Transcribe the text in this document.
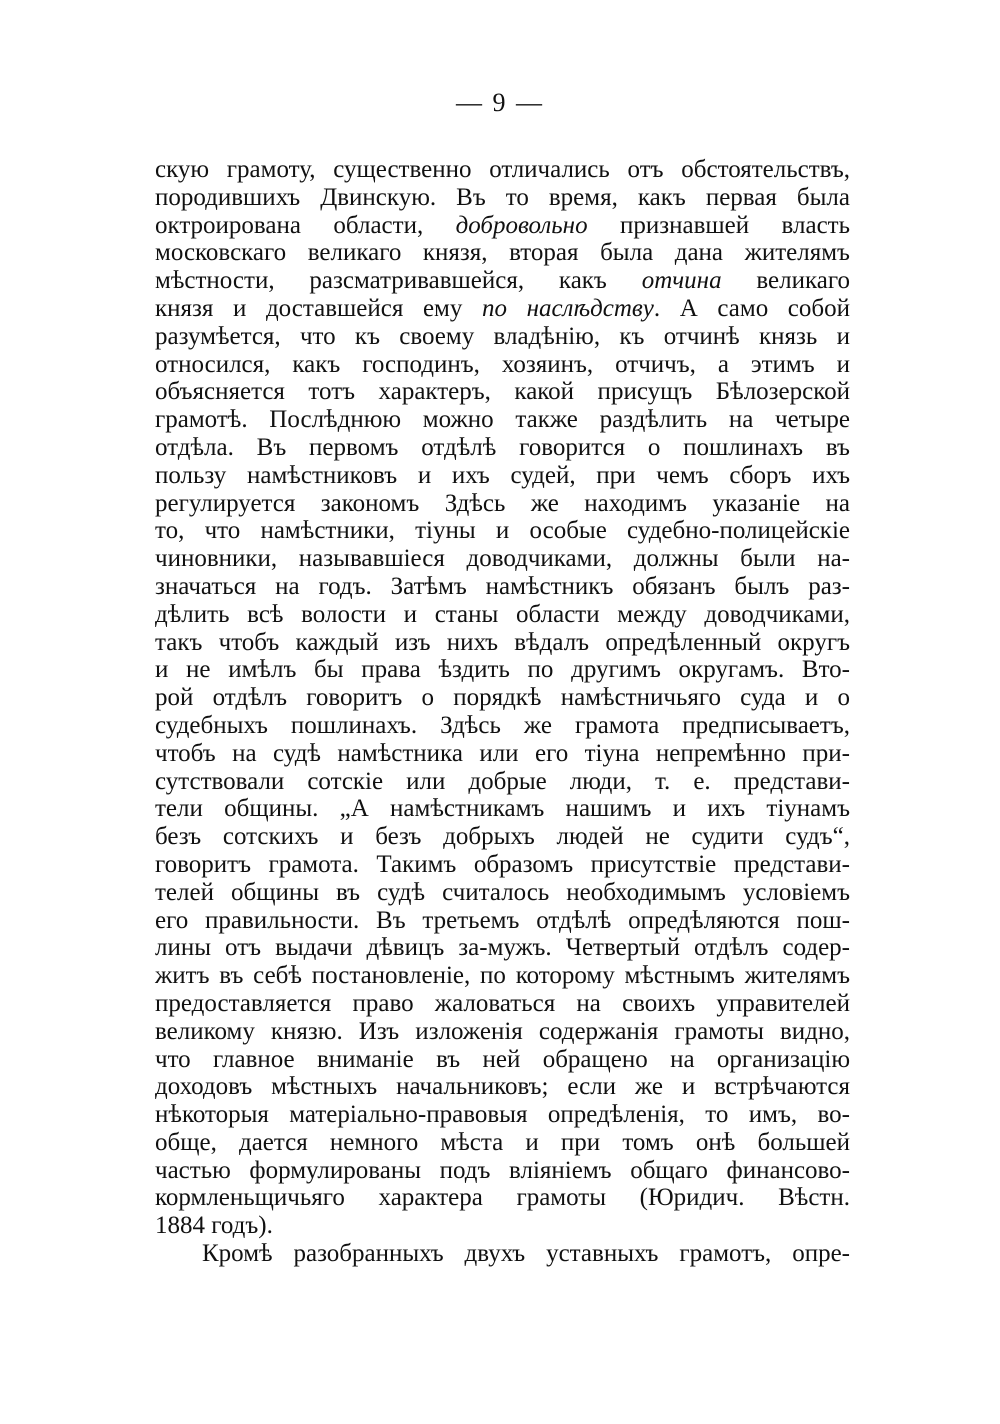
— 9 —
скую грамоту, существенно отличались отъ обстоятельствъ,
породившихъ Двинскую. Въ то время, какъ первая была
октроирована области, добровольно признавшей власть
московскаго великаго князя, вторая была дана жителямъ
мѣстности, разсматривавшейся, какъ отчина великаго
князя и доставшейся ему по наслѣдству. А само собой
разумѣется, что къ своему владѣнію, къ отчинѣ князь и
относился, какъ господинъ, хозяинъ, отчичъ, а этимъ и
объясняется тотъ характеръ, какой присущъ Бѣлозерской
грамотѣ. Послѣднюю можно также раздѣлить на четыре
отдѣла. Въ первомъ отдѣлѣ говорится о пошлинахъ въ
пользу намѣстниковъ и ихъ судей, при чемъ сборъ ихъ
регулируется закономъ Здѣсь же находимъ указаніе на
то, что намѣстники, тіуны и особые судебно-полицейскіе
чиновники, называвшіеся доводчиками, должны были на-
значаться на годъ. Затѣмъ намѣстникъ обязанъ былъ раз-
дѣлить всѣ волости и станы области между доводчиками,
такъ чтобъ каждый изъ нихъ вѣдалъ опредѣленный округъ
и не имѣлъ бы права ѣздить по другимъ округамъ. Вто-
рой отдѣлъ говоритъ о порядкѣ намѣстничьяго суда и о
судебныхъ пошлинахъ. Здѣсь же грамота предписываетъ,
чтобъ на судѣ намѣстника или его тіуна непремѣнно при-
сутствовали сотскіе или добрые люди, т. е. представи-
тели общины. „А намѣстникамъ нашимъ и ихъ тіунамъ
безъ сотскихъ и безъ добрыхъ людей не судити судъ“,
говоритъ грамота. Такимъ образомъ присутствіе представи-
телей общины въ судѣ считалось необходимымъ условіемъ
его правильности. Въ третьемъ отдѣлѣ опредѣляются пош-
лины отъ выдачи дѣвицъ за-мужъ. Четвертый отдѣлъ содер-
житъ въ себѣ постановленіе, по которому мѣстнымъ жителямъ
предоставляется право жаловаться на своихъ управителей
великому князю. Изъ изложенія содержанія грамоты видно,
что главное вниманіе въ ней обращено на организацію
доходовъ мѣстныхъ начальниковъ; если же и встрѣчаются
нѣкоторыя матеріально-правовыя опредѣленія, то имъ, во-
обще, дается немного мѣста и при томъ онѣ большей
частью формулированы подъ вліяніемъ общаго финансово-
кормленьщичьяго характера грамоты (Юридич. Вѣстн.
1884 годъ).
Кромѣ разобранныхъ двухъ уставныхъ грамотъ, опре-
